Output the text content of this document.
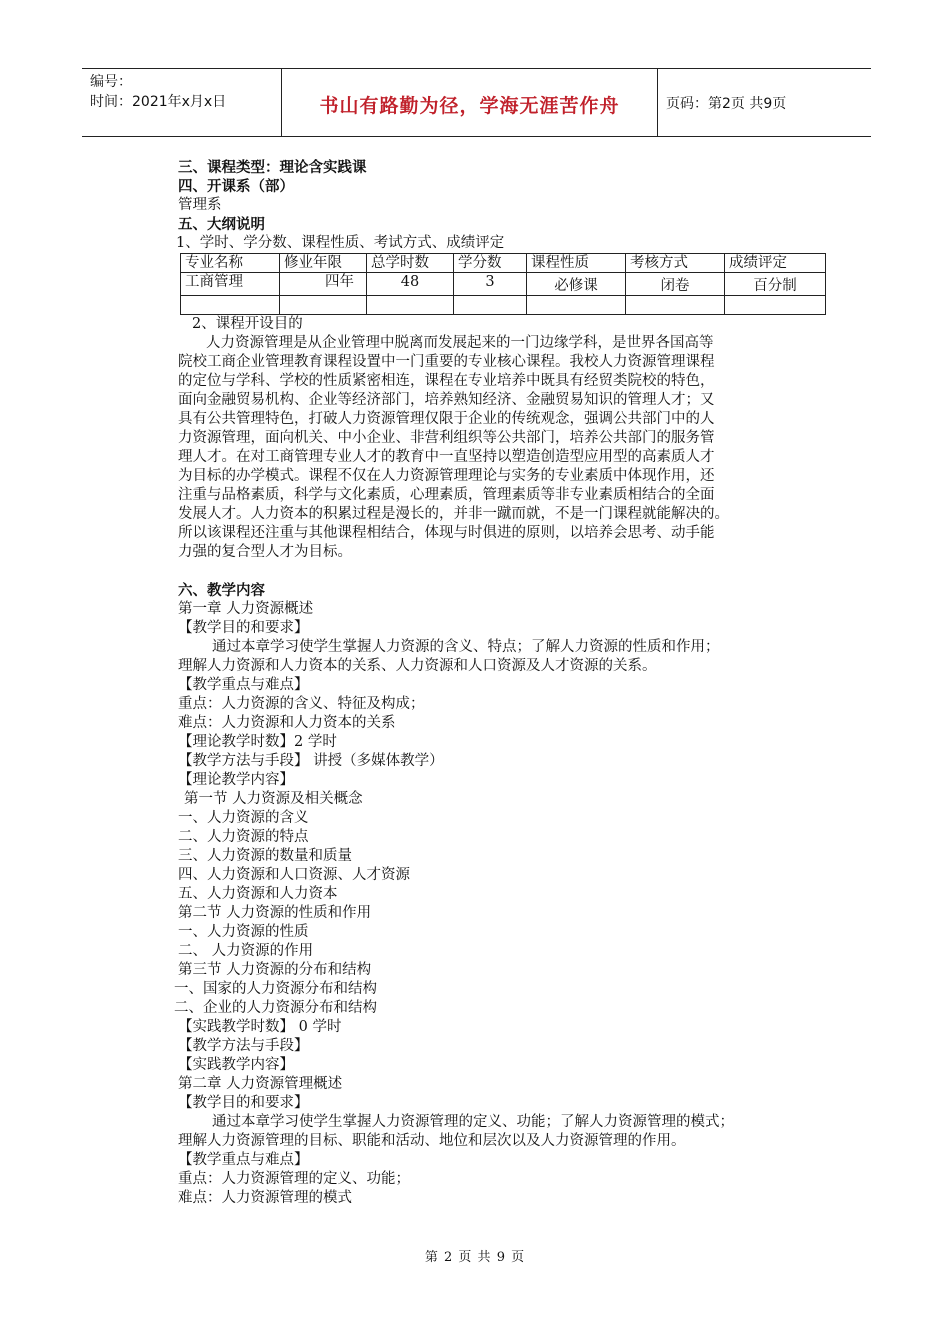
编号：
时间：2021年x月x日	书山有路勤为径，学海无涯苦作舟	页码：第2页 共9页
三、课程类型：理论含实践课
四、开课系（部）
管理系
五、大纲说明
1、学时、学分数、课程性质、考试方式、成绩评定
专业名称	修业年限	总学时数	学分数	课程性质	考核方式	成绩评定
工商管理	四年	48	3	必修课	闭卷	百分制

2、课程开设目的
人力资源管理是从企业管理中脱离而发展起来的一门边缘学科，是世界各国高等
院校工商企业管理教育课程设置中一门重要的专业核心课程。我校人力资源管理课程
的定位与学科、学校的性质紧密相连，课程在专业培养中既具有经贸类院校的特色，
面向金融贸易机构、企业等经济部门，培养熟知经济、金融贸易知识的管理人才；又
具有公共管理特色，打破人力资源管理仅限于企业的传统观念，强调公共部门中的人
力资源管理，面向机关、中小企业、非营利组织等公共部门，培养公共部门的服务管
理人才。在对工商管理专业人才的教育中一直坚持以塑造创造型应用型的高素质人才
为目标的办学模式。课程不仅在人力资源管理理论与实务的专业素质中体现作用，还
注重与品格素质，科学与文化素质，心理素质，管理素质等非专业素质相结合的全面
发展人才。人力资本的积累过程是漫长的，并非一蹴而就，不是一门课程就能解决的。
所以该课程还注重与其他课程相结合，体现与时俱进的原则，以培养会思考、动手能
力强的复合型人才为目标。
六、教学内容
第一章 人力资源概述
【教学目的和要求】
通过本章学习使学生掌握人力资源的含义、特点；了解人力资源的性质和作用；
理解人力资源和人力资本的关系、人力资源和人口资源及人才资源的关系。
【教学重点与难点】
重点：人力资源的含义、特征及构成；
难点：人力资源和人力资本的关系
【理论教学时数】2 学时
【教学方法与手段】 讲授（多媒体教学）
【理论教学内容】
第一节 人力资源及相关概念
一、人力资源的含义
二、人力资源的特点
三、人力资源的数量和质量
四、人力资源和人口资源、人才资源
五、人力资源和人力资本
第二节 人力资源的性质和作用
一、人力资源的性质
二、 人力资源的作用
第三节 人力资源的分布和结构
一、国家的人力资源分布和结构
二、企业的人力资源分布和结构
【实践教学时数】 0 学时
【教学方法与手段】
【实践教学内容】
第二章 人力资源管理概述
【教学目的和要求】
通过本章学习使学生掌握人力资源管理的定义、功能；了解人力资源管理的模式；
理解人力资源管理的目标、职能和活动、地位和层次以及人力资源管理的作用。
【教学重点与难点】
重点：人力资源管理的定义、功能；
难点：人力资源管理的模式
第 2 页 共 9 页
